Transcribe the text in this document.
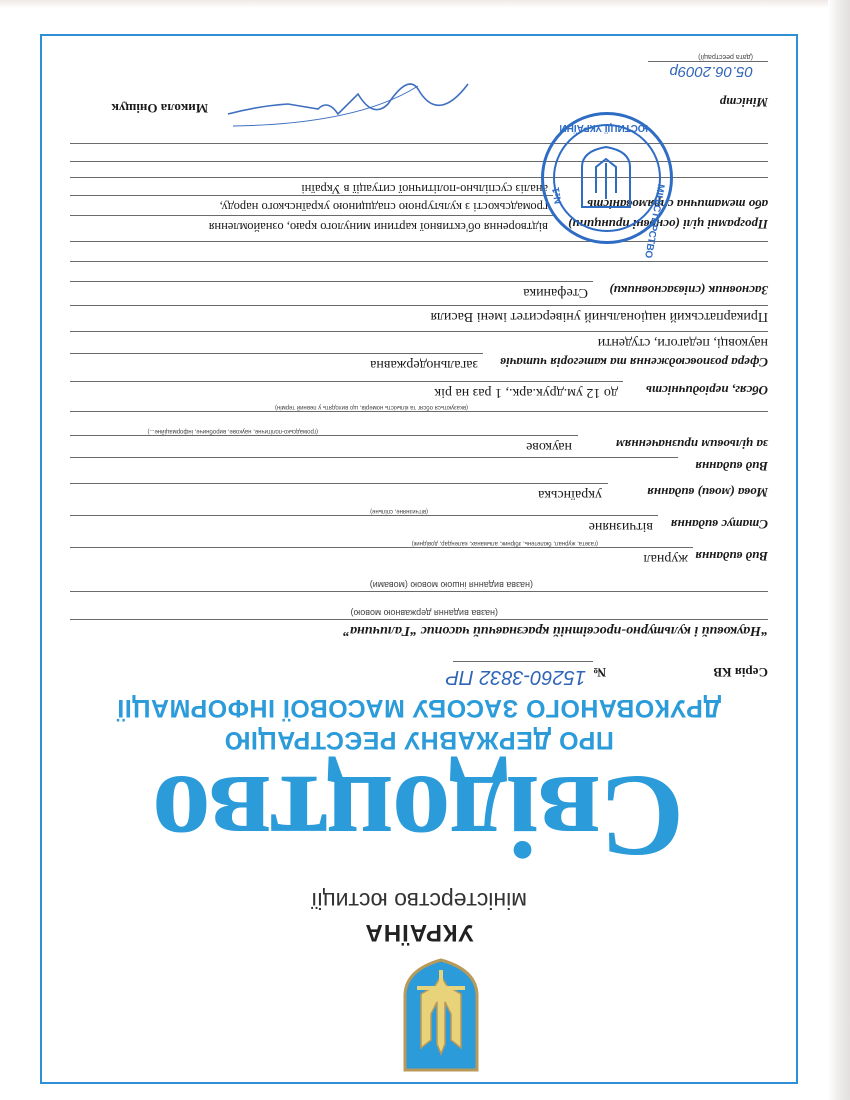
УКРАЇНА
міністерство юстиції
Свідоцтво
ПРО ДЕРЖАВНУ РЕЄСТРАЦІЮ
ДРУКОВАНОГО ЗАСОБУ МАСОВОЇ ІНФОРМАЦІЇ
Серія КВ
№
15260-3832 ПР
“Науковий і культурно-просвітній краєзнавчий часопис “Галичина”
(назва видання державною мовою)
(назва видання іншою мовою (мовами)
Вид видання
журнал
(газета, журнал, бюлетень, збірник, альманах, календар, довідник)
Статус видання
вітчизняне
(вітчизняне, спільне)
Мова (мови) видання
українська
Вид видання
за цільовим призначенням
наукове
(громадсько-політичне, наукове, виробниче, інформаційне...)
(вказуються обсяг та кількість номерів, що виходять у певний термін)
Обсяг, періодичність
до 12 ум.друк.арк., 1 раз на рік
Сфера розповсюдження та категорія читачів
загальнодержавна
науковці, педагоги, студенти
Прикарпатський національний університет імені Василя
Засновник (співзасновники)
Стефаника
Програмні цілі (основні принципи)
відтворення об'єктивної картини минулого краю, ознайомлення
або тематична спрямованість
громадськості з культурною спадщиною українського народу,
аналіз суспільно-політичної ситуації в Україні
Міністр
Микола Оніщук
05.06.2009р
(дата реєстрації)
МІНІСТЕРСТВО
ЮСТИЦІЇ УКРАЇНИ
№1
